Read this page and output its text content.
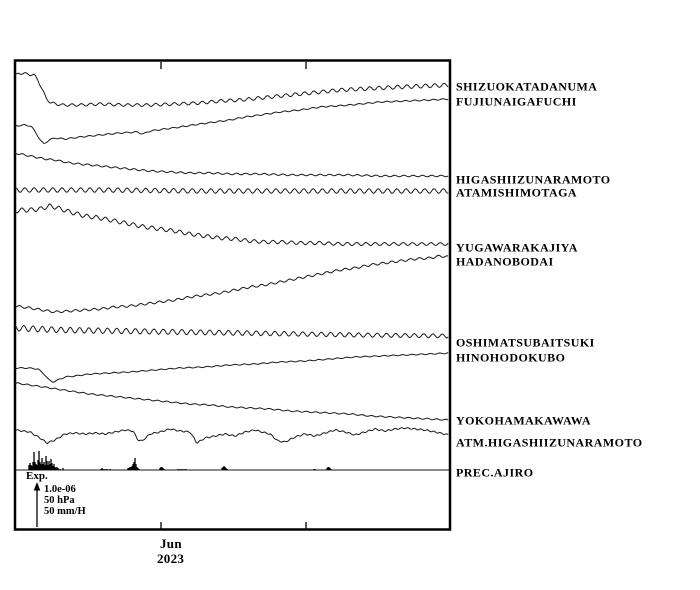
SHIZUOKATADANUMA
FUJIUNAIGAFUCHI
HIGASHIIZUNARAMOTO
ATAMISHIMOTAGA
YUGAWARAKAJIYA
HADANOBODAI
OSHIMATSUBAITSUKI
HINOHODOKUBO
YOKOHAMAKAWAWA
ATM.HIGASHIIZUNARAMOTO
PREC.AJIRO
Jun
2023
Exp.
1.0e-06
50 hPa
50 mm/H
